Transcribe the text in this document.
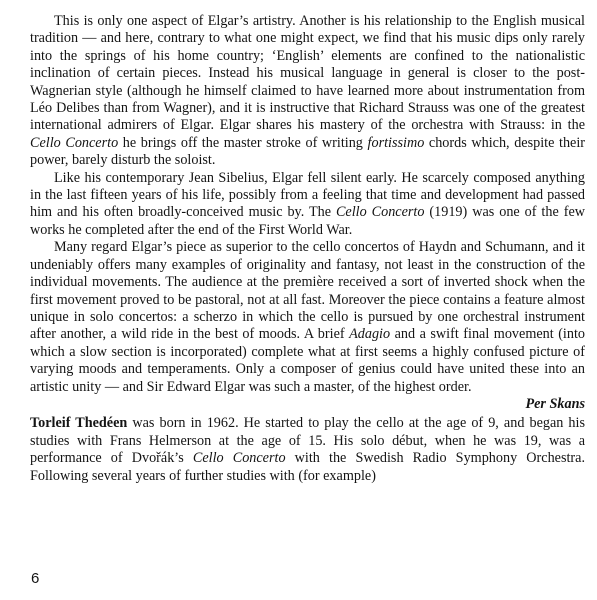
This is only one aspect of Elgar’s artistry. Another is his relationship to the English musical tradition — and here, contrary to what one might expect, we find that his music dips only rarely into the springs of his home country; ‘English’ elements are confined to the nationalistic inclination of certain pieces. Instead his musical language in general is closer to the post-Wagnerian style (although he himself claimed to have learned more about instrumentation from Léo Delibes than from Wagner), and it is instructive that Richard Strauss was one of the greatest international admirers of Elgar. Elgar shares his mastery of the orchestra with Strauss: in the Cello Concerto he brings off the master stroke of writing fortissimo chords which, despite their power, barely disturb the soloist.

Like his contemporary Jean Sibelius, Elgar fell silent early. He scarcely composed anything in the last fifteen years of his life, possibly from a feeling that time and development had passed him and his often broadly-conceived music by. The Cello Concerto (1919) was one of the few works he completed after the end of the First World War.

Many regard Elgar’s piece as superior to the cello concertos of Haydn and Schumann, and it undeniably offers many examples of originality and fantasy, not least in the construction of the individual movements. The audience at the première received a sort of inverted shock when the first movement proved to be pastoral, not at all fast. Moreover the piece contains a feature almost unique in solo concertos: a scherzo in which the cello is pursued by one orchestral instrument after another, a wild ride in the best of moods. A brief Adagio and a swift final movement (into which a slow section is incorporated) complete what at first seems a highly confused picture of varying moods and temperaments. Only a composer of genius could have united these into an artistic unity — and Sir Edward Elgar was such a master, of the highest order.

Per Skans

Torleif Thedéen was born in 1962. He started to play the cello at the age of 9, and began his studies with Frans Helmerson at the age of 15. His solo début, when he was 19, was a performance of Dvořák’s Cello Concerto with the Swedish Radio Symphony Orchestra. Following several years of further studies with (for example)

6
